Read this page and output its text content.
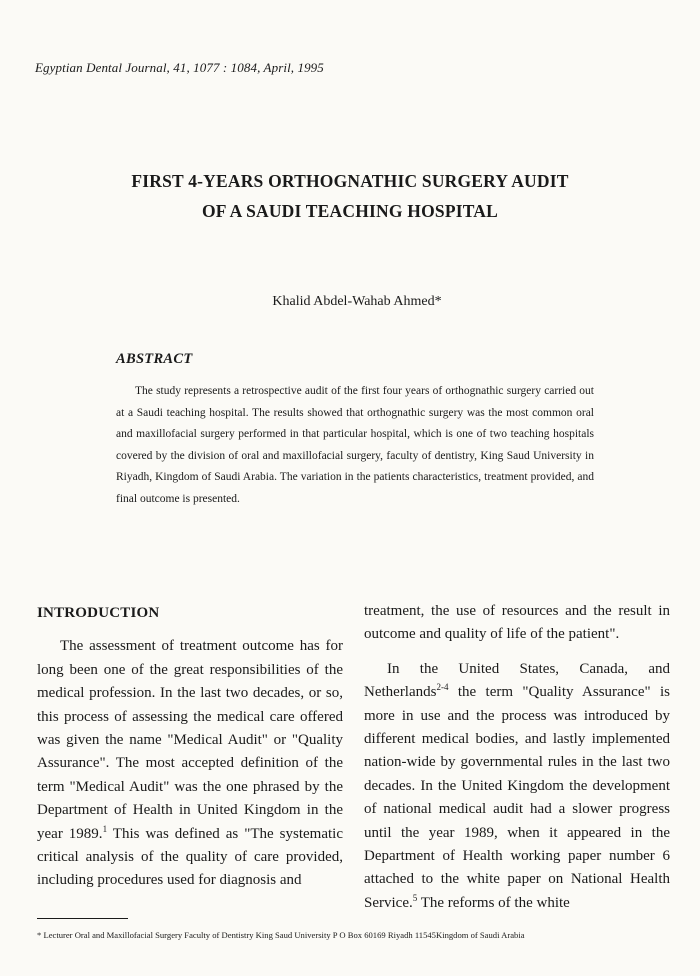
Egyptian Dental Journal, 41, 1077 : 1084, April, 1995
FIRST 4-YEARS ORTHOGNATHIC SURGERY AUDIT
OF A SAUDI TEACHING HOSPITAL
Khalid Abdel-Wahab Ahmed*
ABSTRACT

The study represents a retrospective audit of the first four years of orthognathic surgery carried out at a Saudi teaching hospital. The results showed that orthognathic surgery was the most common oral and maxillofacial surgery performed in that particular hospital, which is one of two teaching hospitals covered by the division of oral and maxillofacial surgery, faculty of dentistry, King Saud University in Riyadh, Kingdom of Saudi Arabia. The variation in the patients characteristics, treatment provided, and final outcome is presented.

INTRODUCTION

The assessment of treatment outcome has for long been one of the great responsibilities of the medical profession. In the last two decades, or so, this process of assessing the medical care offered was given the name "Medical Audit" or "Quality Assurance". The most accepted definition of the term "Medical Audit" was the one phrased by the Department of Health in United Kingdom in the year 1989.$^1$ This was defined as "The systematic critical analysis of the quality of care provided, including procedures used for diagnosis and

treatment, the use of resources and the result in outcome and quality of life of the patient".

In the United States, Canada, and Netherlands$^{2-4}$ the term "Quality Assurance" is more in use and the process was introduced by different medical bodies, and lastly implemented nation-wide by governmental rules in the last two decades. In the United Kingdom the development of national medical audit had a slower progress until the year 1989, when it appeared in the Department of Health working paper number 6 attached to the white paper on National Health Service.$^5$ The reforms of the white

* Lecturer Oral and Maxillofacial Surgery Faculty of Dentistry King Saud University P O Box 60169 Riyadh 11545Kingdom of Saudi Arabia
